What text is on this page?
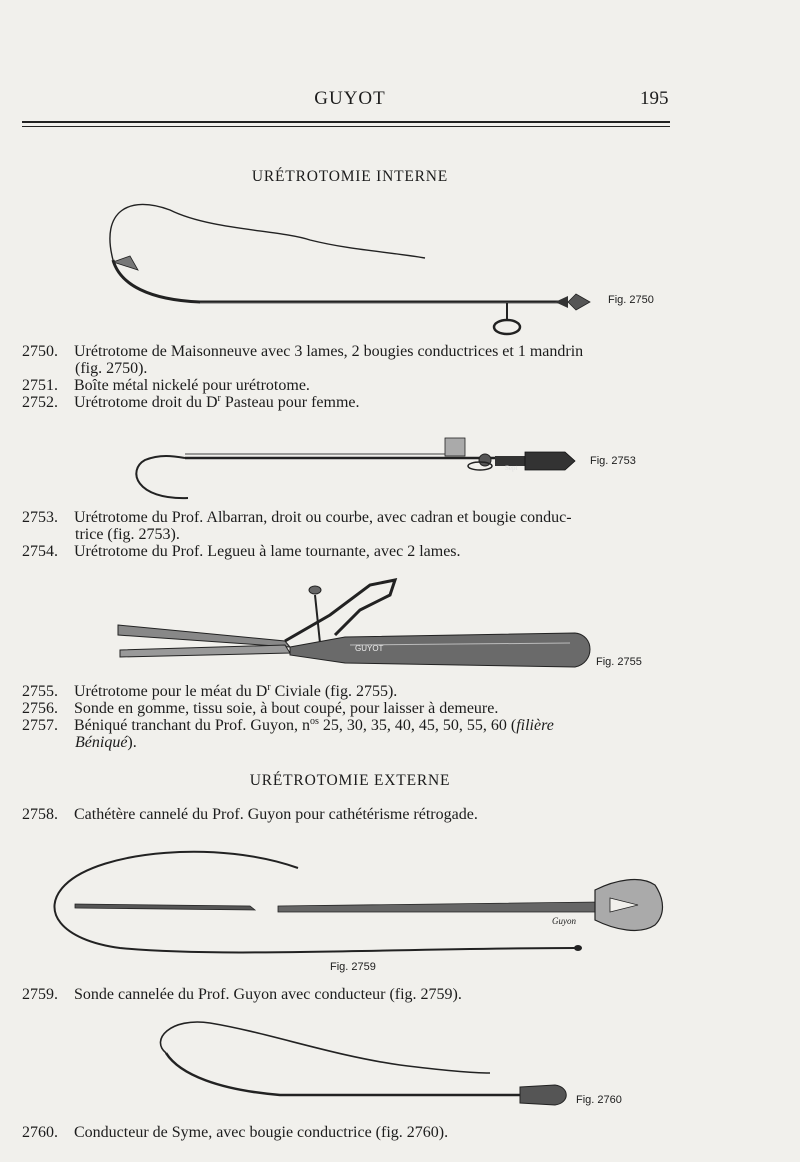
GUYOT	195
URÉTROTOMIE INTERNE
Fig. 2750
2750. Urétrotome de Maisonneuve avec 3 lames, 2 bougies conductrices et 1 mandrin
(fig. 2750).
2751. Boîte métal nickelé pour urétrotome.
2752. Urétrotome droit du $D^r$ Pasteau pour femme.
Sept
Fig. 2753
2753. Urétrotome du Prof. Albarran, droit ou courbe, avec cadran et bougie conduc-
trice (fig. 2753).
2754. Urétrotome du Prof. Legueu à lame tournante, avec 2 lames.
GUYOT
Fig. 2755
2755. Urétrotome pour le méat du $D^r$ Civiale (fig. 2755).
2756. Sonde en gomme, tissu soie, à bout coupé, pour laisser à demeure.
2757. Béniqué tranchant du Prof. Guyon, $n^{os}$ 25, 30, 35, 40, 45, 50, 55, 60 (filière
Béniqué).
URÉTROTOMIE EXTERNE
2758. Cathétère cannelé du Prof. Guyon pour cathétérisme rétrogade.
Guyon
Fig. 2759
2759. Sonde cannelée du Prof. Guyon avec conducteur (fig. 2759).
Fig. 2760
2760. Conducteur de Syme, avec bougie conductrice (fig. 2760).
